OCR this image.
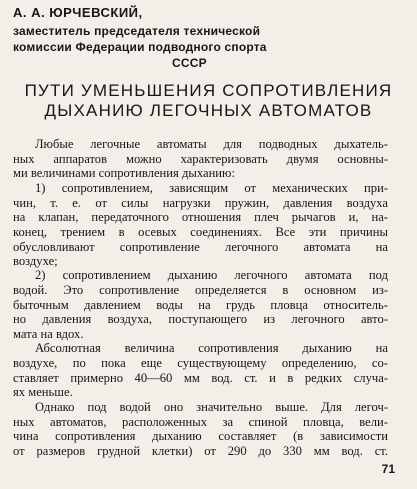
А. А. ЮРЧЕВСКИЙ,
заместитель председателя технической
комиссии Федерации подводного спорта
СССР
ПУТИ УМЕНЬШЕНИЯ СОПРОТИВЛЕНИЯ
ДЫХАНИЮ ЛЕГОЧНЫХ АВТОМАТОВ
Любые легочные автоматы для подводных дыхатель-
ных аппаратов можно характеризовать двумя основны-
ми величинами сопротивления дыханию:
1) сопротивлением, зависящим от механических при-
чин, т. е. от силы нагрузки пружин, давления воздуха
на клапан, передаточного отношения плеч рычагов и, на-
конец, трением в осевых соединениях. Все эти причины
обусловливают сопротивление легочного автомата на
воздухе;
2) сопротивлением дыханию легочного автомата под
водой. Это сопротивление определяется в основном из-
быточным давлением воды на грудь пловца относитель-
но давления воздуха, поступающего из легочного авто-
мата на вдох.
Абсолютная величина сопротивления дыханию на
воздухе, по пока еще существующему определению, со-
ставляет примерно 40—60 мм вод. ст. и в редких случа-
ях меньше.
Однако под водой оно значительно выше. Для легоч-
ных автоматов, расположенных за спиной пловца, вели-
чина сопротивления дыханию составляет (в зависимости
от размеров грудной клетки) от 290 до 330 мм вод. ст.
71
